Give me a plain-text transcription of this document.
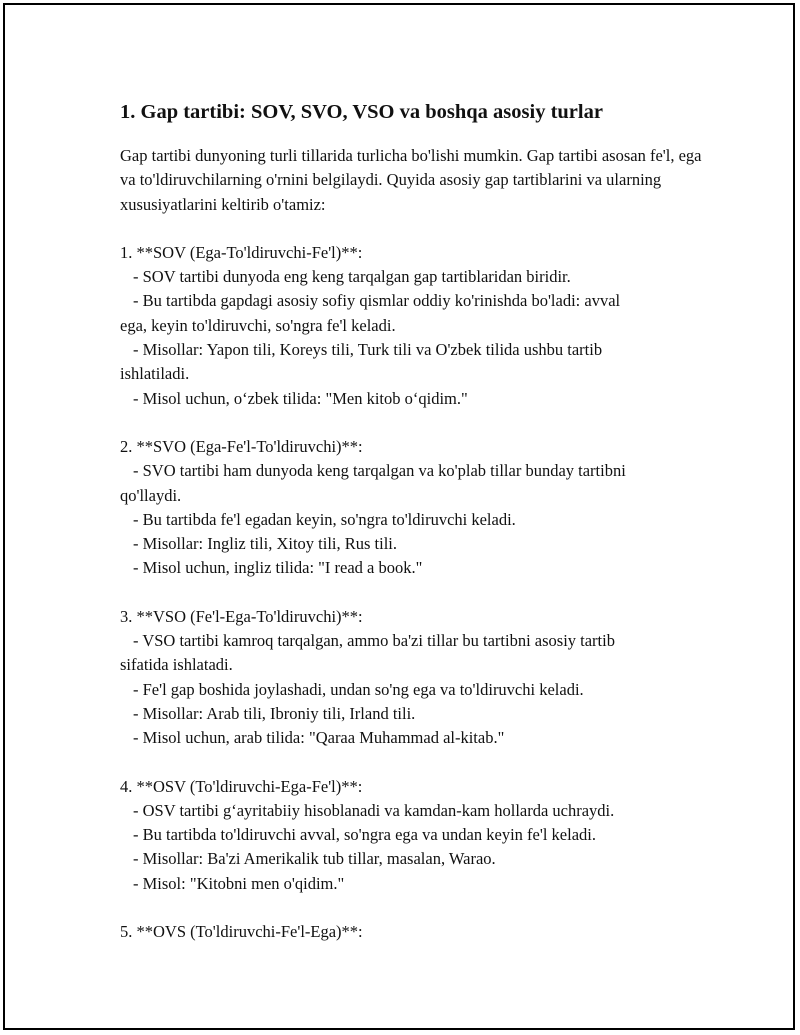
1. Gap tartibi: SOV, SVO, VSO va boshqa asosiy turlar

Gap tartibi dunyoning turli tillarida turlicha bo'lishi mumkin. Gap tartibi asosan fe'l, ega va to'ldiruvchilarning o'rnini belgilaydi. Quyida asosiy gap tartiblarini va ularning xususiyatlarini keltirib o'tamiz:

1. **SOV (Ega-To'ldiruvchi-Fe'l)**:
- SOV tartibi dunyoda eng keng tarqalgan gap tartiblaridan biridir.
- Bu tartibda gapdagi asosiy sofiy qismlar oddiy ko'rinishda bo'ladi: avval
ega, keyin to'ldiruvchi, so'ngra fe'l keladi.
- Misollar: Yapon tili, Koreys tili, Turk tili va O'zbek tilida ushbu tartib
ishlatiladi.
- Misol uchun, o‘zbek tilida: "Men kitob o‘qidim."
2. **SVO (Ega-Fe'l-To'ldiruvchi)**:
- SVO tartibi ham dunyoda keng tarqalgan va ko'plab tillar bunday tartibni
qo'llaydi.
- Bu tartibda fe'l egadan keyin, so'ngra to'ldiruvchi keladi.
- Misollar: Ingliz tili, Xitoy tili, Rus tili.
- Misol uchun, ingliz tilida: "I read a book."
3. **VSO (Fe'l-Ega-To'ldiruvchi)**:
- VSO tartibi kamroq tarqalgan, ammo ba'zi tillar bu tartibni asosiy tartib
sifatida ishlatadi.
- Fe'l gap boshida joylashadi, undan so'ng ega va to'ldiruvchi keladi.
- Misollar: Arab tili, Ibroniy tili, Irland tili.
- Misol uchun, arab tilida: "Qaraa Muhammad al-kitab."
4. **OSV (To'ldiruvchi-Ega-Fe'l)**:
- OSV tartibi g‘ayritabiiy hisoblanadi va kamdan-kam hollarda uchraydi.
- Bu tartibda to'ldiruvchi avval, so'ngra ega va undan keyin fe'l keladi.
- Misollar: Ba'zi Amerikalik tub tillar, masalan, Warao.
- Misol: "Kitobni men o'qidim."
5. **OVS (To'ldiruvchi-Fe'l-Ega)**:
